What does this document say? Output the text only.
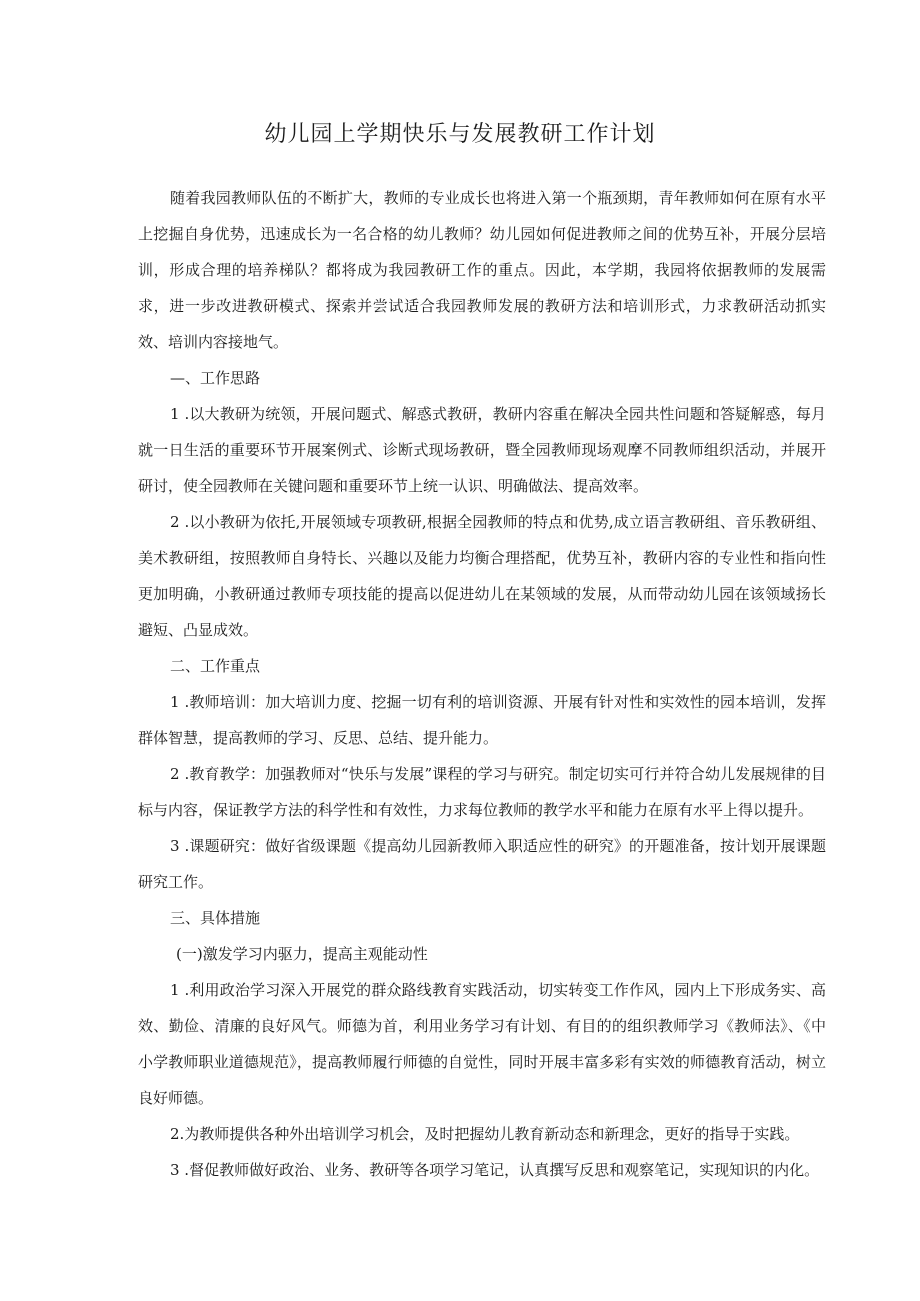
幼儿园上学期快乐与发展教研工作计划

随着我园教师队伍的不断扩大，教师的专业成长也将进入第一个瓶颈期，青年教师如何在原有水平上挖掘自身优势，迅速成长为一名合格的幼儿教师？幼儿园如何促进教师之间的优势互补，开展分层培训，形成合理的培养梯队？都将成为我园教研工作的重点。因此，本学期，我园将依据教师的发展需求，进一步改进教研模式、探索并尝试适合我园教师发展的教研方法和培训形式，力求教研活动抓实效、培训内容接地气。

—、工作思路

1 .以大教研为统领，开展问题式、解惑式教研，教研内容重在解决全园共性问题和答疑解惑，每月就一日生活的重要环节开展案例式、诊断式现场教研，暨全园教师现场观摩不同教师组织活动，并展开研讨，使全园教师在关键问题和重要环节上统一认识、明确做法、提高效率。

2 .以小教研为依托,开展领域专项教研,根据全园教师的特点和优势,成立语言教研组、音乐教研组、美术教研组，按照教师自身特长、兴趣以及能力均衡合理搭配，优势互补，教研内容的专业性和指向性更加明确，小教研通过教师专项技能的提高以促进幼儿在某领域的发展，从而带动幼儿园在该领域扬长避短、凸显成效。

二、工作重点

1 .教师培训：加大培训力度、挖掘一切有利的培训资源、开展有针对性和实效性的园本培训，发挥群体智慧，提高教师的学习、反思、总结、提升能力。

2 .教育教学：加强教师对“快乐与发展”课程的学习与研究。制定切实可行并符合幼儿发展规律的目标与内容，保证教学方法的科学性和有效性，力求每位教师的教学水平和能力在原有水平上得以提升。

3 .课题研究：做好省级课题《提高幼儿园新教师入职适应性的研究》的开题准备，按计划开展课题研究工作。

三、具体措施

(一)激发学习内驱力，提高主观能动性

1 .利用政治学习深入开展党的群众路线教育实践活动，切实转变工作作风，园内上下形成务实、高效、勤俭、清廉的良好风气。师德为首，利用业务学习有计划、有目的的组织教师学习《教师法》、《中小学教师职业道德规范》，提高教师履行师德的自觉性，同时开展丰富多彩有实效的师德教育活动，树立良好师德。

2.为教师提供各种外出培训学习机会，及时把握幼儿教育新动态和新理念，更好的指导于实践。

3 .督促教师做好政治、业务、教研等各项学习笔记，认真撰写反思和观察笔记，实现知识的内化。
